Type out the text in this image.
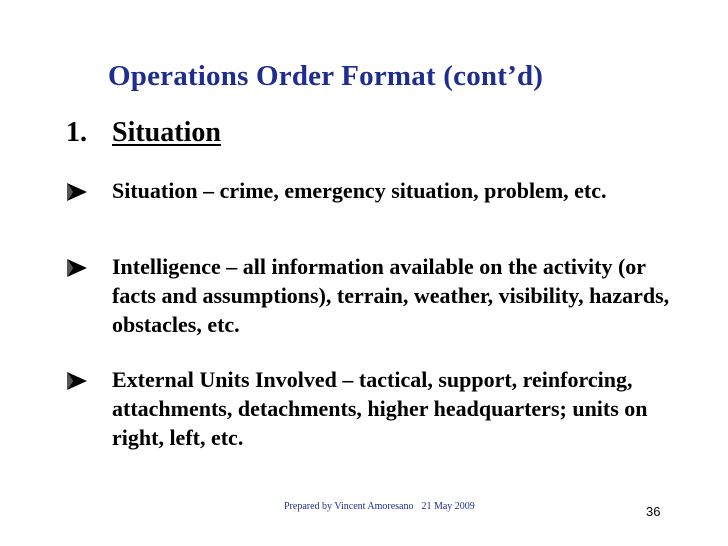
Operations Order Format (cont’d)
1. Situation
Situation – crime, emergency situation, problem, etc.
Intelligence – all information available on the activity (or facts and assumptions), terrain, weather, visibility, hazards, obstacles, etc.
External Units Involved – tactical, support, reinforcing, attachments, detachments, higher headquarters; units on right, left, etc.
Prepared by Vincent Amoresano 21 May 2009	36
